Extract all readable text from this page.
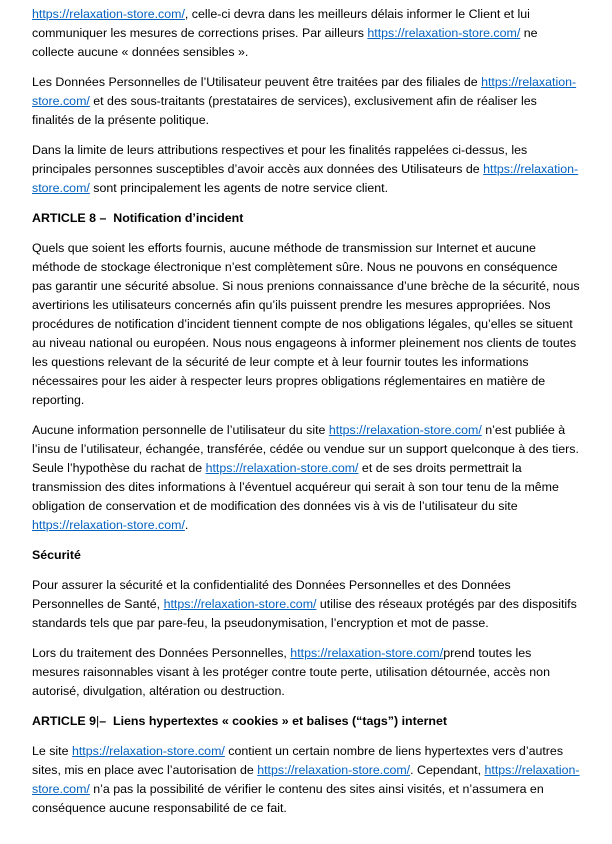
https://relaxation-store.com/, celle-ci devra dans les meilleurs délais informer le Client et lui communiquer les mesures de corrections prises. Par ailleurs https://relaxation-store.com/ ne collecte aucune « données sensibles ».

Les Données Personnelles de l’Utilisateur peuvent être traitées par des filiales de https://relaxation-store.com/ et des sous-traitants (prestataires de services), exclusivement afin de réaliser les finalités de la présente politique.

Dans la limite de leurs attributions respectives et pour les finalités rappelées ci-dessus, les principales personnes susceptibles d’avoir accès aux données des Utilisateurs de https://relaxation-store.com/ sont principalement les agents de notre service client.

ARTICLE 8 –  Notification d’incident

Quels que soient les efforts fournis, aucune méthode de transmission sur Internet et aucune méthode de stockage électronique n’est complètement sûre. Nous ne pouvons en conséquence pas garantir une sécurité absolue. Si nous prenions connaissance d’une brèche de la sécurité, nous avertirions les utilisateurs concernés afin qu’ils puissent prendre les mesures appropriées. Nos procédures de notification d’incident tiennent compte de nos obligations légales, qu’elles se situent au niveau national ou européen. Nous nous engageons à informer pleinement nos clients de toutes les questions relevant de la sécurité de leur compte et à leur fournir toutes les informations nécessaires pour les aider à respecter leurs propres obligations réglementaires en matière de reporting.

Aucune information personnelle de l’utilisateur du site https://relaxation-store.com/ n’est publiée à l’insu de l’utilisateur, échangée, transférée, cédée ou vendue sur un support quelconque à des tiers. Seule l’hypothèse du rachat de https://relaxation-store.com/ et de ses droits permettrait la transmission des dites informations à l’éventuel acquéreur qui serait à son tour tenu de la même obligation de conservation et de modification des données vis à vis de l’utilisateur du site https://relaxation-store.com/.

Sécurité

Pour assurer la sécurité et la confidentialité des Données Personnelles et des Données Personnelles de Santé, https://relaxation-store.com/ utilise des réseaux protégés par des dispositifs standards tels que par pare-feu, la pseudonymisation, l’encryption et mot de passe.

Lors du traitement des Données Personnelles, https://relaxation-store.com/prend toutes les mesures raisonnables visant à les protéger contre toute perte, utilisation détournée, accès non autorisé, divulgation, altération ou destruction.

ARTICLE 9|–  Liens hypertextes « cookies » et balises (“tags”) internet

Le site https://relaxation-store.com/ contient un certain nombre de liens hypertextes vers d’autres sites, mis en place avec l’autorisation de https://relaxation-store.com/. Cependant, https://relaxation-store.com/ n’a pas la possibilité de vérifier le contenu des sites ainsi visités, et n’assumera en conséquence aucune responsabilité de ce fait.
